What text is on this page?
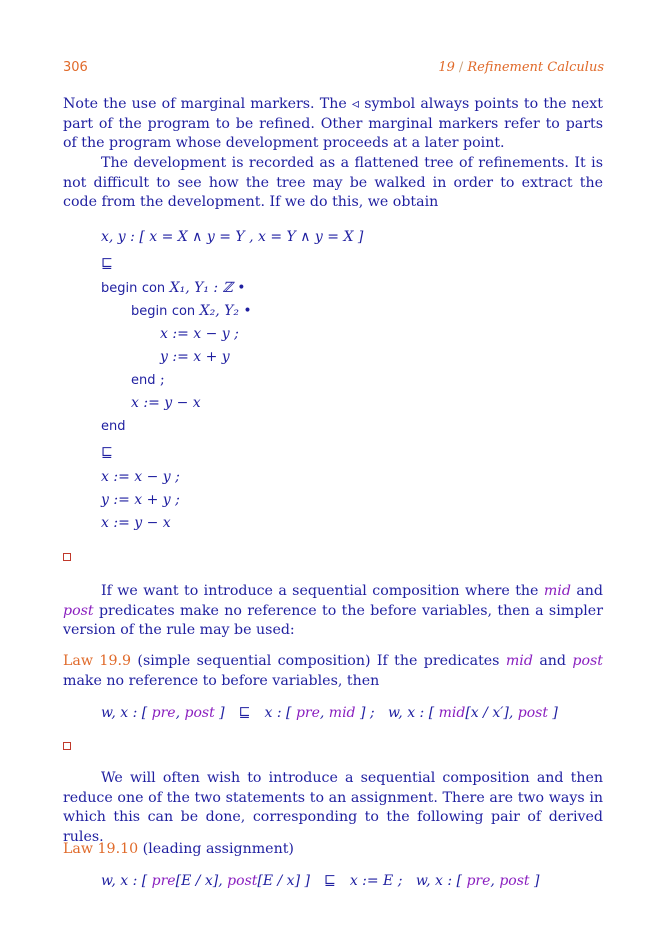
306	19 / Refinement Calculus

Note the use of marginal markers. The ◃ symbol always points to the next part of the program to be refined. Other marginal markers refer to parts of the program whose development proceeds at a later point.

The development is recorded as a flattened tree of refinements. It is not difficult to see how the tree may be walked in order to extract the code from the development. If we do this, we obtain

x, y : [ x = X ∧ y = Y , x = Y ∧ y = X ]
⊑
begin con X₁, Y₁ : ℤ •
begin con X₂, Y₂ •
x := x − y ;
y := x + y
end ;
x := y − x
end
⊑
x := x − y ;
y := x + y ;
x := y − x

If we want to introduce a sequential composition where the mid and post predicates make no reference to the before variables, then a simpler version of the rule may be used:

Law 19.9 (simple sequential composition) If the predicates mid and post make no reference to before variables, then

w, x : [ pre, post ] ⊑ x : [ pre, mid ] ; w, x : [ mid[x / x′], post ]

We will often wish to introduce a sequential composition and then reduce one of the two statements to an assignment. There are two ways in which this can be done, corresponding to the following pair of derived rules.

Law 19.10 (leading assignment)

w, x : [ pre[E / x], post[E / x] ] ⊑ x := E ; w, x : [ pre, post ]
